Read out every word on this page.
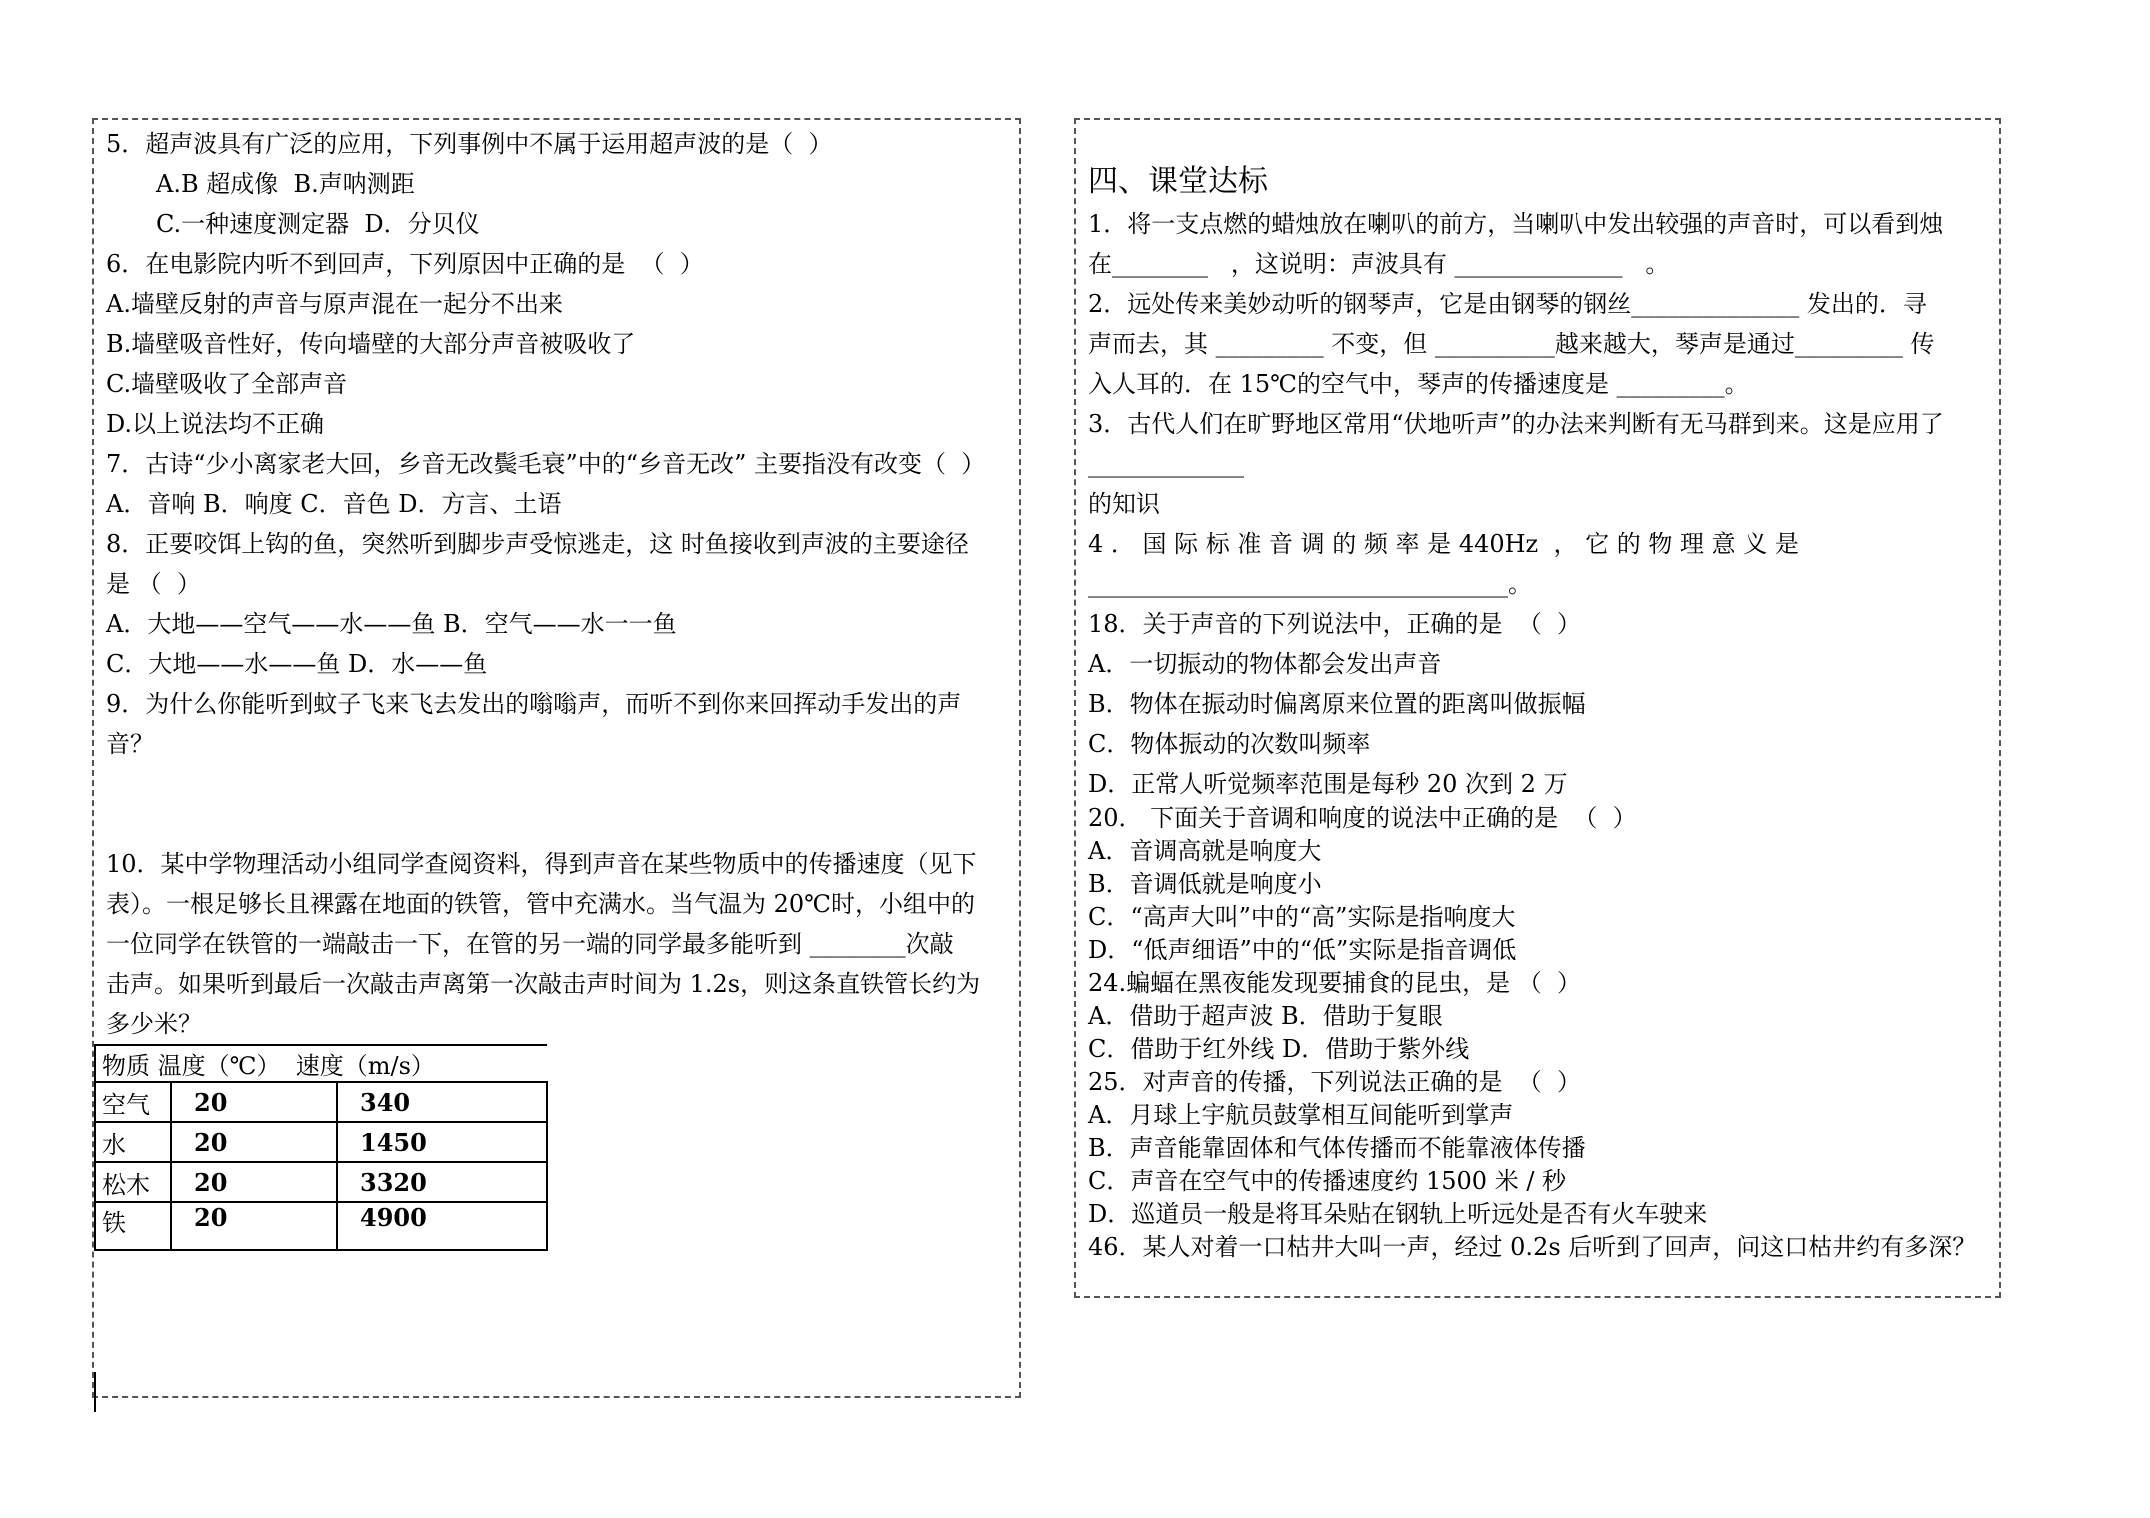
5．超声波具有广泛的应用，下列事例中不属于运用超声波的是（  ）
A.B 超成像  B.声呐测距
C.一种速度测定器  D．分贝仪
6．在电影院内听不到回声，下列原因中正确的是  （  ）
A.墙壁反射的声音与原声混在一起分不出来
B.墙壁吸音性好，传向墙壁的大部分声音被吸收了
C.墙壁吸收了全部声音
D.以上说法均不正确
7．古诗“少小离家老大回，乡音无改鬓毛衰”中的“乡音无改” 主要指没有改变（  ）
A．音响 B．响度 C．音色 D．方言、土语
8．正要咬饵上钩的鱼，突然听到脚步声受惊逃走，这 时鱼接收到声波的主要途径
是 （  ）
A．大地——空气——水——鱼 B．空气——水一一鱼
C．大地——水——鱼 D．水——鱼
9．为什么你能听到蚊子飞来飞去发出的嗡嗡声，而听不到你来回挥动手发出的声
音？
10．某中学物理活动小组同学查阅资料，得到声音在某些物质中的传播速度（见下
表）。一根足够长且裸露在地面的铁管，管中充满水。当气温为 20℃时，小组中的
一位同学在铁管的一端敲击一下，在管的另一端的同学最多能听到 ________次敲
击声。如果听到最后一次敲击声离第一次敲击声时间为 1.2s，则这条直铁管长约为
多少米？
物质 温度（℃） 速度（m/s）		
空气	20	340
水	20	1450
松木	20	3320
铁	20	4900
四、课堂达标
1．将一支点燃的蜡烛放在喇叭的前方，当喇叭中发出较强的声音时，可以看到烛
在________   ，这说明：声波具有 ______________   。
2．远处传来美妙动听的钢琴声，它是由钢琴的钢丝______________ 发出的．寻
声而去，其 _________ 不变，但 __________越来越大，琴声是通过_________ 传
入人耳的．在 15℃的空气中，琴声的传播速度是 _________。
3．古代人们在旷野地区常用“伏地听声”的办法来判断有无马群到来。这是应用了
_____________
的知识
4 ． 国 际 标 准 音 调 的 频 率 是 440Hz  ， 它 的 物 理 意 义 是
___________________________________。
18．关于声音的下列说法中，正确的是  （  ）
A．一切振动的物体都会发出声音
B．物体在振动时偏离原来位置的距离叫做振幅
C．物体振动的次数叫频率
D．正常人听觉频率范围是每秒 20 次到 2 万
20． 下面关于音调和响度的说法中正确的是  （  ）
A．音调高就是响度大
B．音调低就是响度小
C．“高声大叫”中的“高”实际是指响度大
D．“低声细语”中的“低”实际是指音调低
24.蝙蝠在黑夜能发现要捕食的昆虫，是 （  ）
A．借助于超声波 B．借助于复眼
C．借助于红外线 D．借助于紫外线
25．对声音的传播，下列说法正确的是  （  ）
A．月球上宇航员鼓掌相互间能听到掌声
B．声音能靠固体和气体传播而不能靠液体传播
C．声音在空气中的传播速度约 1500 米 / 秒
D．巡道员一般是将耳朵贴在钢轨上听远处是否有火车驶来
46．某人对着一口枯井大叫一声，经过 0.2s 后听到了回声，问这口枯井约有多深？
